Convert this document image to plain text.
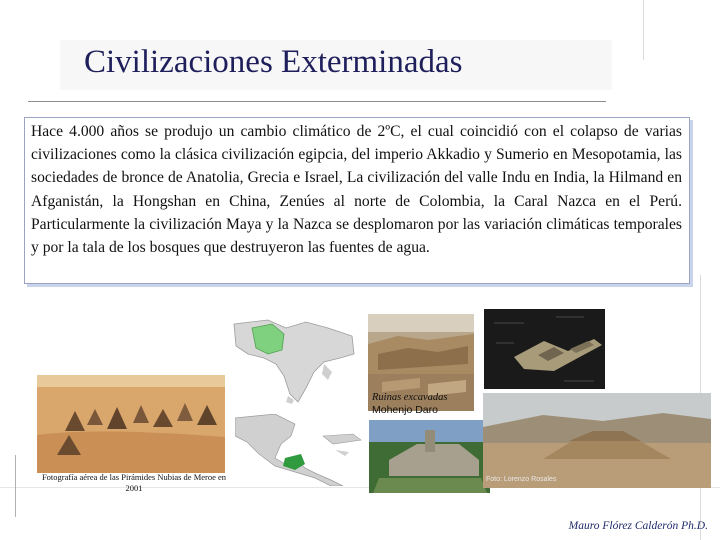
Civilizaciones Exterminadas

Hace 4.000 años se produjo un cambio climático de 2ºC, el cual coincidió con el colapso de varias civilizaciones como la clásica civilización egipcia, del imperio Akkadio y Sumerio en Mesopotamia, las sociedades de bronce de Anatolia, Grecia e Israel, La civilización del valle Indu en India, la Hilmand en Afganistán, la Hongshan en China, Zenúes al norte de Colombia, la Caral Nazca en el Perú. Particularmente la civilización Maya y la Nazca se desplomaron por las variación climáticas temporales y por la tala de los bosques que destruyeron las fuentes de agua.

Ruinas excavadas
Mohenjo Daro
Fotografía aérea de las Pirámides Nubias de Meroe en 2001
Foto: Lorenzo Rosales
Mauro Flórez Calderón Ph.D.
